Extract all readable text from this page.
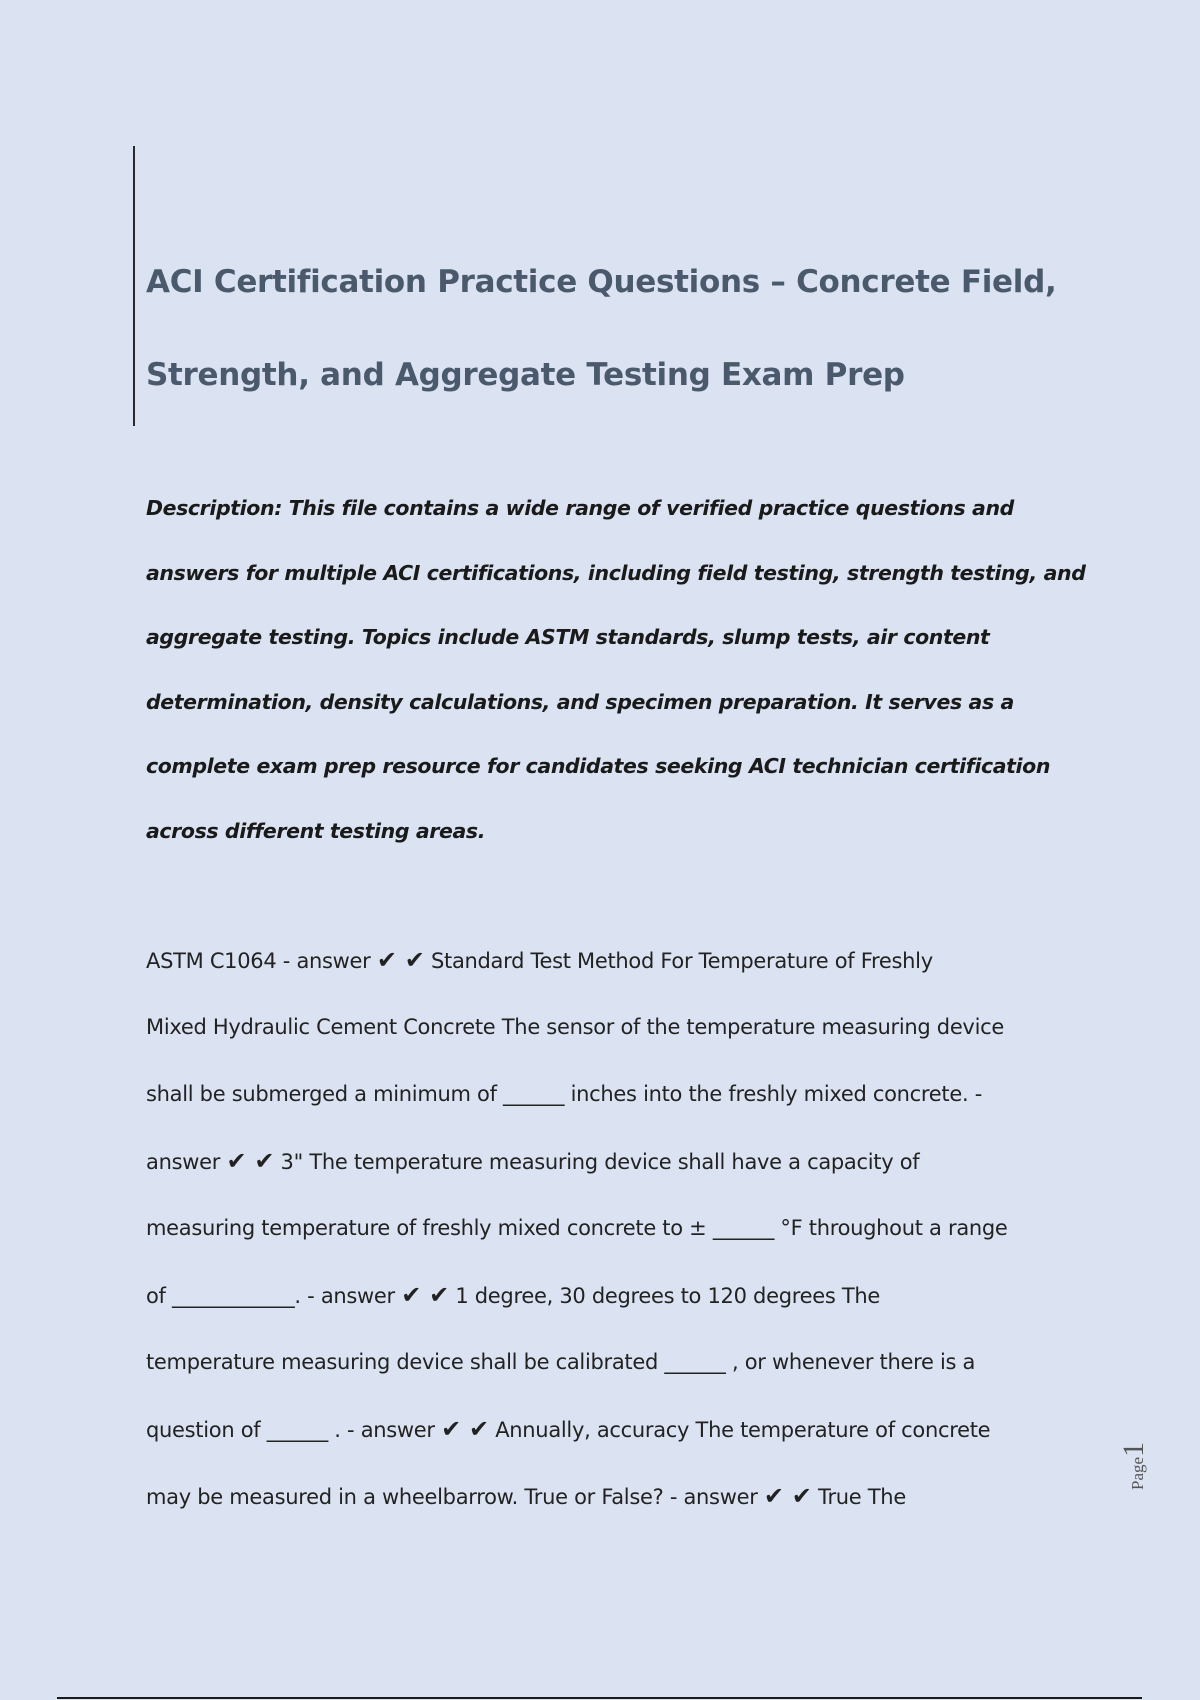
ACI Certification Practice Questions – Concrete Field,
Strength, and Aggregate Testing Exam Prep
Description: This file contains a wide range of verified practice questions and
answers for multiple ACI certifications, including field testing, strength testing, and
aggregate testing. Topics include ASTM standards, slump tests, air content
determination, density calculations, and specimen preparation. It serves as a
complete exam prep resource for candidates seeking ACI technician certification
across different testing areas.
ASTM C1064 - answer ✔ ✔ Standard Test Method For Temperature of Freshly
Mixed Hydraulic Cement Concrete The sensor of the temperature measuring device
shall be submerged a minimum of ______ inches into the freshly mixed concrete. -
answer ✔ ✔ 3" The temperature measuring device shall have a capacity of
measuring temperature of freshly mixed concrete to ± ______ °F throughout a range
of ____________. - answer ✔ ✔ 1 degree, 30 degrees to 120 degrees The
temperature measuring device shall be calibrated ______ , or whenever there is a
question of ______ . - answer ✔ ✔ Annually, accuracy The temperature of concrete
may be measured in a wheelbarrow. True or False? - answer ✔ ✔ True The
Page1
